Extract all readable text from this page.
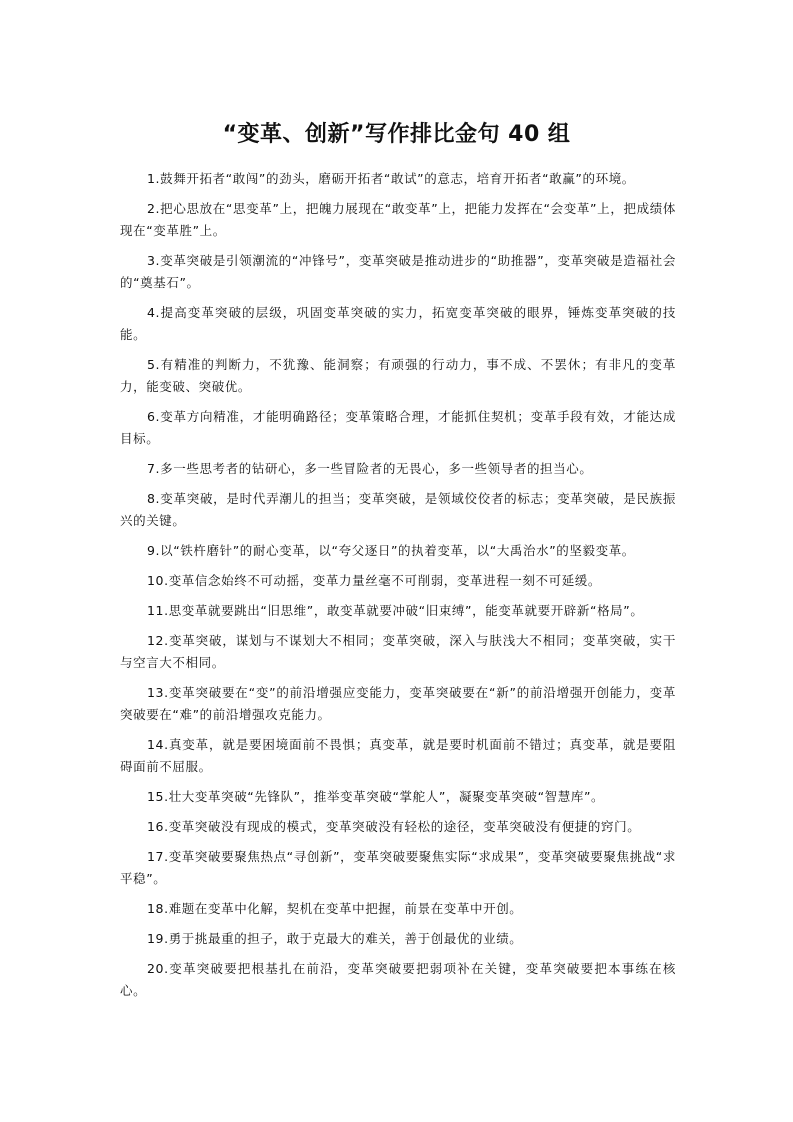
“变革、创新”写作排比金句 40 组

1.鼓舞开拓者“敢闯”的劲头，磨砺开拓者“敢试”的意志，培育开拓者“敢赢”的环境。

2.把心思放在“思变革”上，把魄力展现在“敢变革”上，把能力发挥在“会变革”上，把成绩体现在“变革胜”上。

3.变革突破是引领潮流的“冲锋号”，变革突破是推动进步的“助推器”，变革突破是造福社会的“奠基石”。

4.提高变革突破的层级，巩固变革突破的实力，拓宽变革突破的眼界，锤炼变革突破的技能。

5.有精准的判断力，不犹豫、能洞察；有顽强的行动力，事不成、不罢休；有非凡的变革力，能变破、突破优。

6.变革方向精准，才能明确路径；变革策略合理，才能抓住契机；变革手段有效，才能达成目标。

7.多一些思考者的钻研心，多一些冒险者的无畏心，多一些领导者的担当心。

8.变革突破，是时代弄潮儿的担当；变革突破，是领域佼佼者的标志；变革突破，是民族振兴的关键。

9.以“铁杵磨针”的耐心变革，以“夸父逐日”的执着变革，以“大禹治水”的坚毅变革。

10.变革信念始终不可动摇，变革力量丝毫不可削弱，变革进程一刻不可延缓。

11.思变革就要跳出“旧思维”，敢变革就要冲破“旧束缚”，能变革就要开辟新“格局”。

12.变革突破，谋划与不谋划大不相同；变革突破，深入与肤浅大不相同；变革突破，实干与空言大不相同。

13.变革突破要在“变”的前沿增强应变能力，变革突破要在“新”的前沿增强开创能力，变革突破要在“难”的前沿增强攻克能力。

14.真变革，就是要困境面前不畏惧；真变革，就是要时机面前不错过；真变革，就是要阻碍面前不屈服。

15.壮大变革突破“先锋队”，推举变革突破“掌舵人”，凝聚变革突破“智慧库”。

16.变革突破没有现成的模式，变革突破没有轻松的途径，变革突破没有便捷的窍门。

17.变革突破要聚焦热点“寻创新”，变革突破要聚焦实际“求成果”，变革突破要聚焦挑战“求平稳”。

18.难题在变革中化解，契机在变革中把握，前景在变革中开创。

19.勇于挑最重的担子，敢于克最大的难关，善于创最优的业绩。

20.变革突破要把根基扎在前沿，变革突破要把弱项补在关键，变革突破要把本事练在核心。
